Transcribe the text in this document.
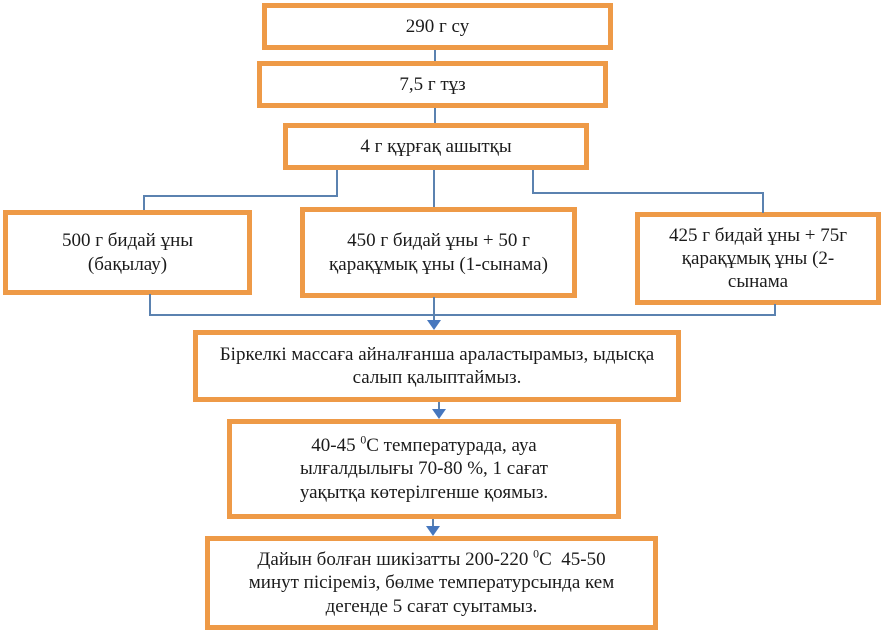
290 г су
7,5 г тұз
4 г құрғақ ашытқы
500 г бидай ұны (бақылау)
450 г бидай ұны + 50 г қарақұмық ұны (1-сынама)
425 г бидай ұны + 75г қарақұмық ұны (2-сынама
Біркелкі массаға айналғанша араластырамыз, ыдысқа салып қалыптаймыз.
40-45 $^0$С температурада, ауа ылғалдылығы 70-80 %, 1 сағат уақытқа көтерілгенше қоямыз.
Дайын болған шикізатты 200-220 $^0$С  45-50 минут пісіреміз, бөлме температурсында кем дегенде 5 сағат суытамыз.
